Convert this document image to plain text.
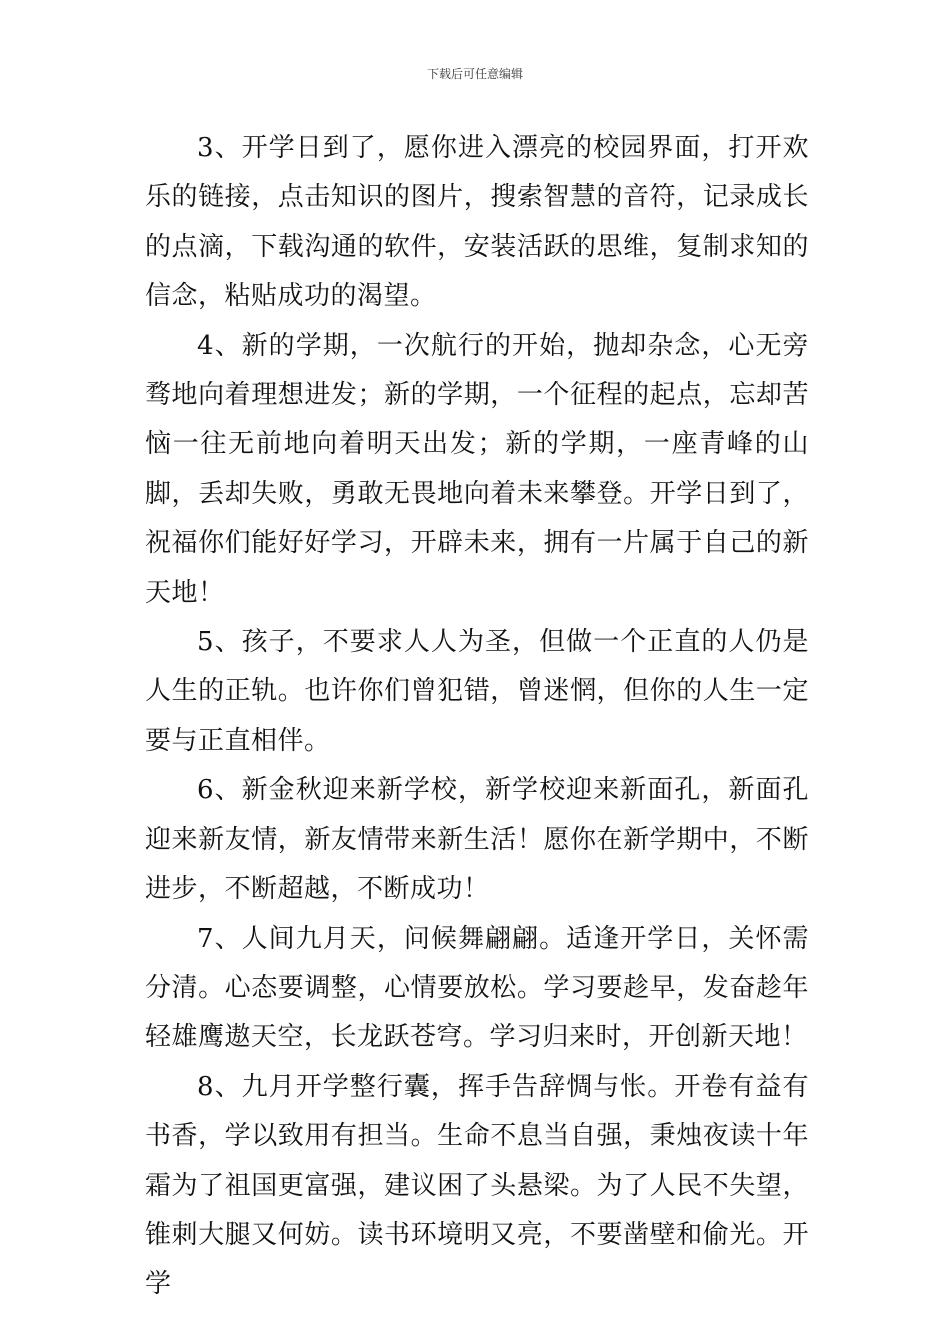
下载后可任意编辑

3、开学日到了，愿你进入漂亮的校园界面，打开欢乐的链接，点击知识的图片，搜索智慧的音符，记录成长的点滴，下载沟通的软件，安装活跃的思维，复制求知的信念，粘贴成功的渴望。

4、新的学期，一次航行的开始，抛却杂念，心无旁骛地向着理想进发；新的学期，一个征程的起点，忘却苦恼一往无前地向着明天出发；新的学期，一座青峰的山脚，丢却失败，勇敢无畏地向着未来攀登。开学日到了，祝福你们能好好学习，开辟未来，拥有一片属于自己的新天地！

5、孩子，不要求人人为圣，但做一个正直的人仍是人生的正轨。也许你们曾犯错，曾迷惘，但你的人生一定要与正直相伴。

6、新金秋迎来新学校，新学校迎来新面孔，新面孔迎来新友情，新友情带来新生活！愿你在新学期中，不断进步，不断超越，不断成功！

7、人间九月天，问候舞翩翩。适逢开学日，关怀需分清。心态要调整，心情要放松。学习要趁早，发奋趁年轻雄鹰遨天空，长龙跃苍穹。学习归来时，开创新天地！

8、九月开学整行囊，挥手告辞惆与怅。开卷有益有书香，学以致用有担当。生命不息当自强，秉烛夜读十年霜为了祖国更富强，建议困了头悬梁。为了人民不失望，锥刺大腿又何妨。读书环境明又亮，不要凿壁和偷光。开学
